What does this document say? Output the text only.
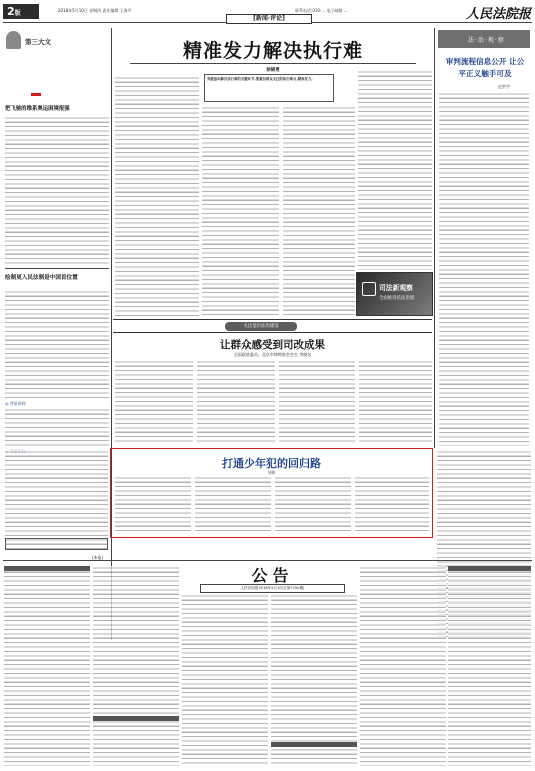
2版	2018年5月10日 星期四 责任编辑 王海平	联系电话:010-... 电子邮箱 ...	人民法院报
[新闻·评论]
第三大文
把飞驰的维系奥运困境报强
绘制更入民法制是中国首位置
◎ 背景资料
精准发力解决执行难
徐锦勇
突破基本解决执行难的关键环节,要紧扣群众关注的执行难点,精准发力。
司法新观察
全面推进依法治国
法·治·观·察
审判流程信息公开 让公平正义触手可及
史洪宇
关注基层法治建设
让群众感受到司改成果
全国政协委员、北京市律师协会会长 李晓东
打通少年犯的回归路
刘伟
(本报)
公告
人民法院报2018年5月10日(第7250期)
